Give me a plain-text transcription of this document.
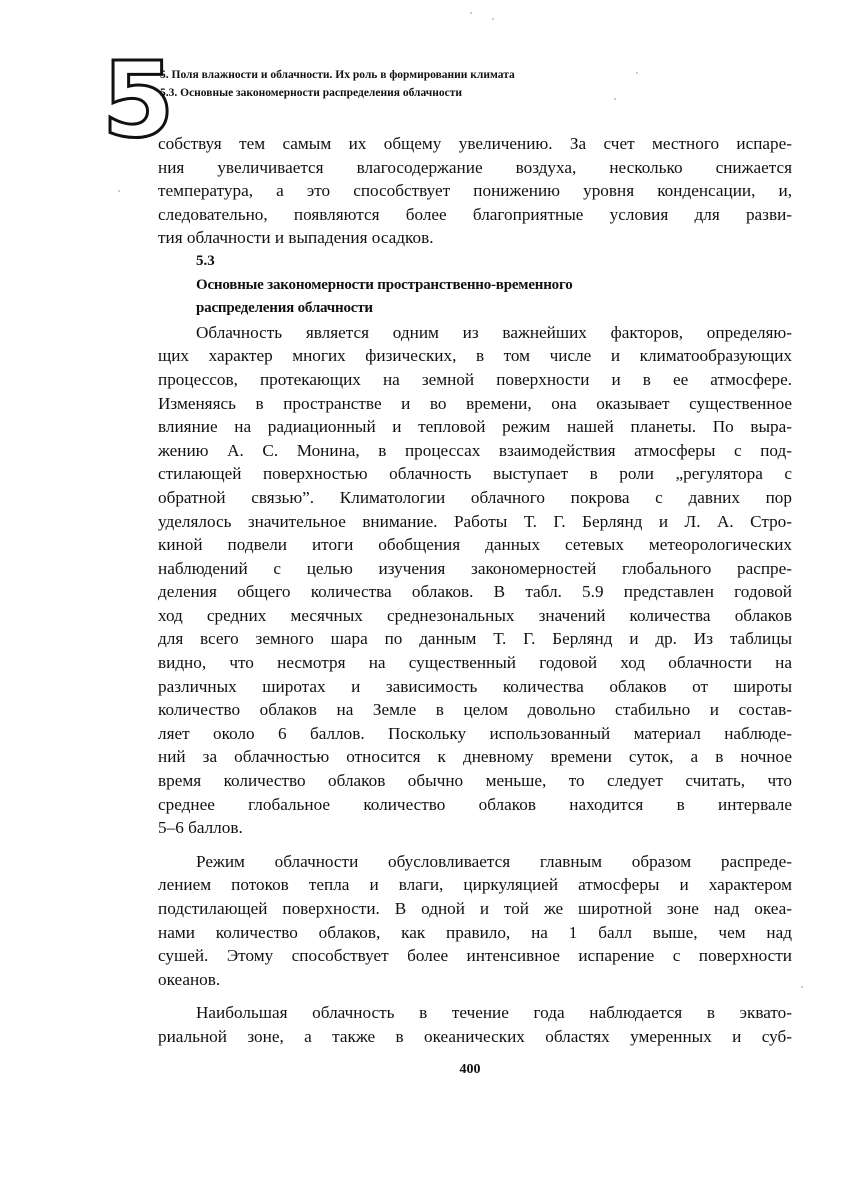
5
5. Поля влажности и облачности. Их роль в формировании климата
5.3. Основные закономерности распределения облачности
собствуя тем самым их общему увеличению. За счет местного испаре-
ния увеличивается влагосодержание воздуха, несколько снижается
температура, а это способствует понижению уровня конденсации, и,
следовательно, появляются более благоприятные условия для разви-
тия облачности и выпадения осадков.
5.3
Основные закономерности пространственно-временного
распределения облачности
Облачность является одним из важнейших факторов, определяю-
щих характер многих физических, в том числе и климатообразующих
процессов, протекающих на земной поверхности и в ее атмосфере.
Изменяясь в пространстве и во времени, она оказывает существенное
влияние на радиационный и тепловой режим нашей планеты. По выра-
жению А. С. Монина, в процессах взаимодействия атмосферы с под-
стилающей поверхностью облачность выступает в роли „регулятора с
обратной связью”. Климатологии облачного покрова с давних пор
уделялось значительное внимание. Работы Т. Г. Берлянд и Л. А. Стро-
киной подвели итоги обобщения данных сетевых метеорологических
наблюдений с целью изучения закономерностей глобального распре-
деления общего количества облаков. В табл. 5.9 представлен годовой
ход средних месячных среднезональных значений количества облаков
для всего земного шара по данным Т. Г. Берлянд и др. Из таблицы
видно, что несмотря на существенный годовой ход облачности на
различных широтах и зависимость количества облаков от широты
количество облаков на Земле в целом довольно стабильно и состав-
ляет около 6 баллов. Поскольку использованный материал наблюде-
ний за облачностью относится к дневному времени суток, а в ночное
время количество облаков обычно меньше, то следует считать, что
среднее глобальное количество облаков находится в интервале
5–6 баллов.
Режим облачности обусловливается главным образом распреде-
лением потоков тепла и влаги, циркуляцией атмосферы и характером
подстилающей поверхности. В одной и той же широтной зоне над океа-
нами количество облаков, как правило, на 1 балл выше, чем над
сушей. Этому способствует более интенсивное испарение с поверхности
океанов.
Наибольшая облачность в течение года наблюдается в эквато-
риальной зоне, а также в океанических областях умеренных и суб-
400
